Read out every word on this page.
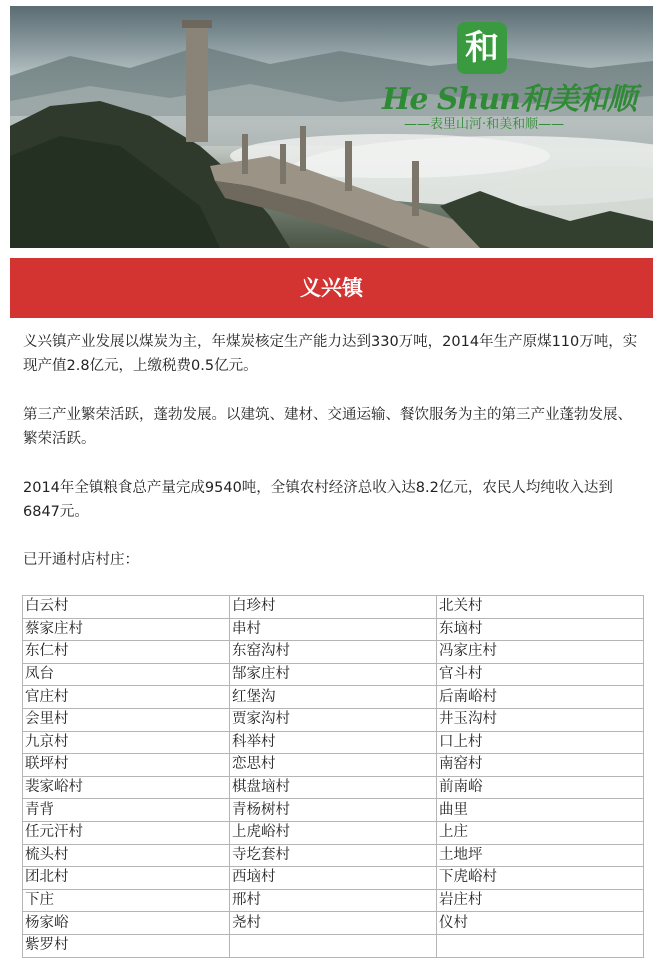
和
He Shun和美和顺
——表里山河·和美和顺——
义兴镇

义兴镇产业发展以煤炭为主，年煤炭核定生产能力达到330万吨，2014年生产原煤110万吨，实现产值2.8亿元，上缴税费0.5亿元。

第三产业繁荣活跃，蓬勃发展。以建筑、建材、交通运输、餐饮服务为主的第三产业蓬勃发展、繁荣活跃。

2014年全镇粮食总产量完成9540吨，全镇农村经济总收入达8.2亿元，农民人均纯收入达到6847元。

已开通村店村庄：

白云村	白珍村	北关村
蔡家庄村	串村	东垴村
东仁村	东窑沟村	冯家庄村
凤台	郜家庄村	官斗村
官庄村	红堡沟	后南峪村
会里村	贾家沟村	井玉沟村
九京村	科举村	口上村
联坪村	恋思村	南窑村
裴家峪村	棋盘垴村	前南峪
青背	青杨树村	曲里
任元汗村	上虎峪村	上庄
梳头村	寺圪套村	土地坪
团北村	西垴村	下虎峪村
下庄	邢村	岩庄村
杨家峪	尧村	仪村
紫罗村		
